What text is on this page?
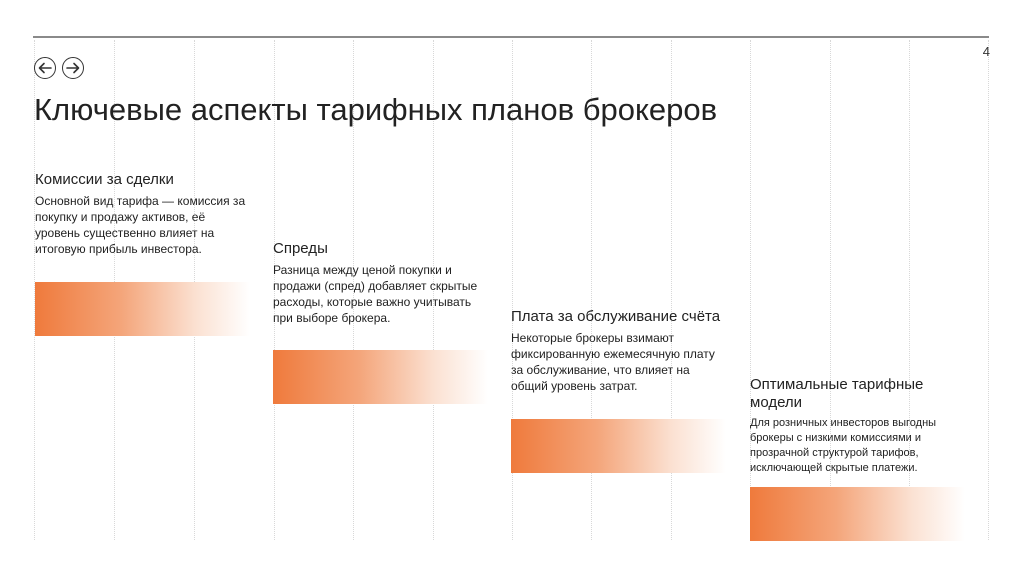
4
Ключевые аспекты тарифных планов брокеров

Комиссии за сделки

Основной вид тарифа — комиссия за покупку и продажу активов, её уровень существенно влияет на итоговую прибыль инвестора.	Спреды

Разница между ценой покупки и продажи (спред) добавляет скрытые расходы, которые важно учитывать при выборе брокера.	Плата за обслуживание счёта

Некоторые брокеры взимают фиксированную ежемесячную плату за обслуживание, что влияет на общий уровень затрат.	Оптимальные тарифные модели

Для розничных инвесторов выгодны брокеры с низкими комиссиями и прозрачной структурой тарифов, исключающей скрытые платежи.
